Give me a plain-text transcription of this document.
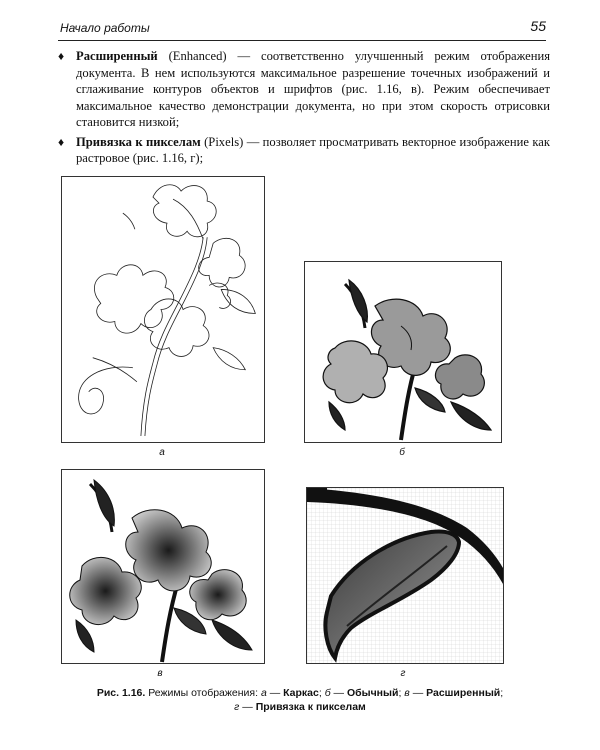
Начало работы	55
♦ Расширенный (Enhanced) — соответственно улучшенный режим отображения документа. В нем используются максимальное разрешение точечных изображений и сглаживание контуров объектов и шрифтов (рис. 1.16, в). Режим обеспечивает максимальное качество демонстрации документа, но при этом скорость отрисовки становится низкой;
♦ Привязка к пикселам (Pixels) — позволяет просматривать векторное изображение как растровое (рис. 1.16, г);
а	б
в	г
Рис. 1.16. Режимы отображения: а — Каркас; б — Обычный; в — Расширенный;
г — Привязка к пикселам
